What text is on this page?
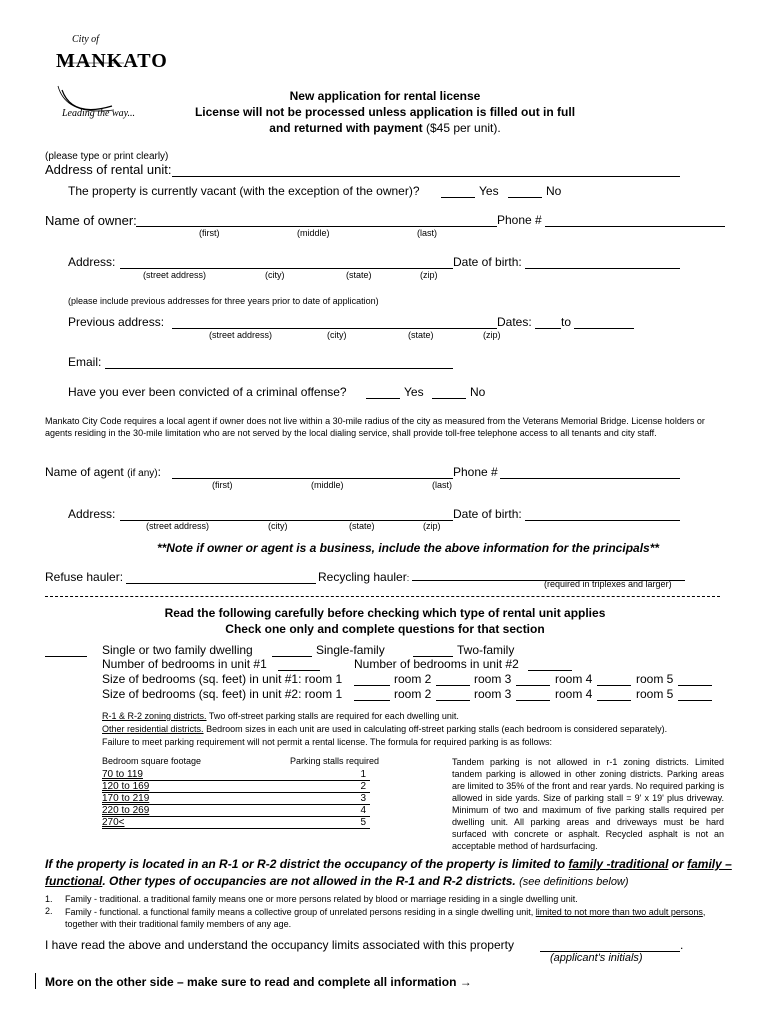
City of
MANKATO
Leading the way...
New application for rental license
License will not be processed unless application is filled out in full
and returned with payment ($45 per unit).
(please type or print clearly)
Address of rental unit:
The property is currently vacant (with the exception of the owner)?	Yes	No
Name of owner:	Phone #
(first)	(middle)	(last)
Address:	Date of birth:
(street address)	(city)	(state)	(zip)
(please include previous addresses for three years prior to date of application)
Previous address:	Dates: to
(street address)	(city)	(state)	(zip)
Email:
Have you ever been convicted of a criminal offense?	Yes	No
Mankato City Code requires a local agent if owner does not live within a 30-mile radius of the city as measured from the Veterans Memorial Bridge. License holders or agents residing in the 30-mile limitation who are not served by the local dialing service, shall provide toll-free telephone access to all tenants and city staff.
Name of agent (if any):	Phone #
(first)	(middle)	(last)
Address:	Date of birth:
(street address)	(city)	(state)	(zip)
**Note if owner or agent is a business, include the above information for the principals**
Refuse hauler:	Recycling hauler:
(required in triplexes and larger)
Read the following carefully before checking which type of rental unit applies
Check one only and complete questions for that section
Single or two family dwelling	Single-family	Two-family
Number of bedrooms in unit #1	Number of bedrooms in unit #2
Size of bedrooms (sq. feet) in unit #1: room 1	room 2	room 3	room 4	room 5
Size of bedrooms (sq. feet) in unit #2: room 1	room 2	room 3	room 4	room 5
R-1 & R-2 zoning districts. Two off-street parking stalls are required for each dwelling unit.
Other residential districts. Bedroom sizes in each unit are used in calculating off-street parking stalls (each bedroom is considered separately).
Failure to meet parking requirement will not permit a rental license. The formula for required parking is as follows:
Bedroom square footage	Parking stalls required
70 to 119	1
120 to 169	2
170 to 219	3
220 to 269	4
270<	5
Tandem parking is not allowed in r-1 zoning districts. Limited tandem parking is allowed in other zoning districts. Parking areas are limited to 35% of the front and rear yards. No required parking is allowed in side yards. Size of parking stall = 9' x 19' plus driveway. Minimum of two and maximum of five parking stalls required per dwelling unit. All parking areas and driveways must be hard surfaced with concrete or asphalt. Recycled asphalt is not an acceptable method of hardsurfacing.
If the property is located in an R-1 or R-2 district the occupancy of the property is limited to family -traditional or family – functional. Other types of occupancies are not allowed in the R-1 and R-2 districts. (see definitions below)
1. Family - traditional. a traditional family means one or more persons related by blood or marriage residing in a single dwelling unit.
2. Family - functional. a functional family means a collective group of unrelated persons residing in a single dwelling unit, limited to not more than two adult persons, together with their traditional family members of any age.
I have read the above and understand the occupancy limits associated with this property	.
(applicant's initials)
More on the other side – make sure to read and complete all information →
